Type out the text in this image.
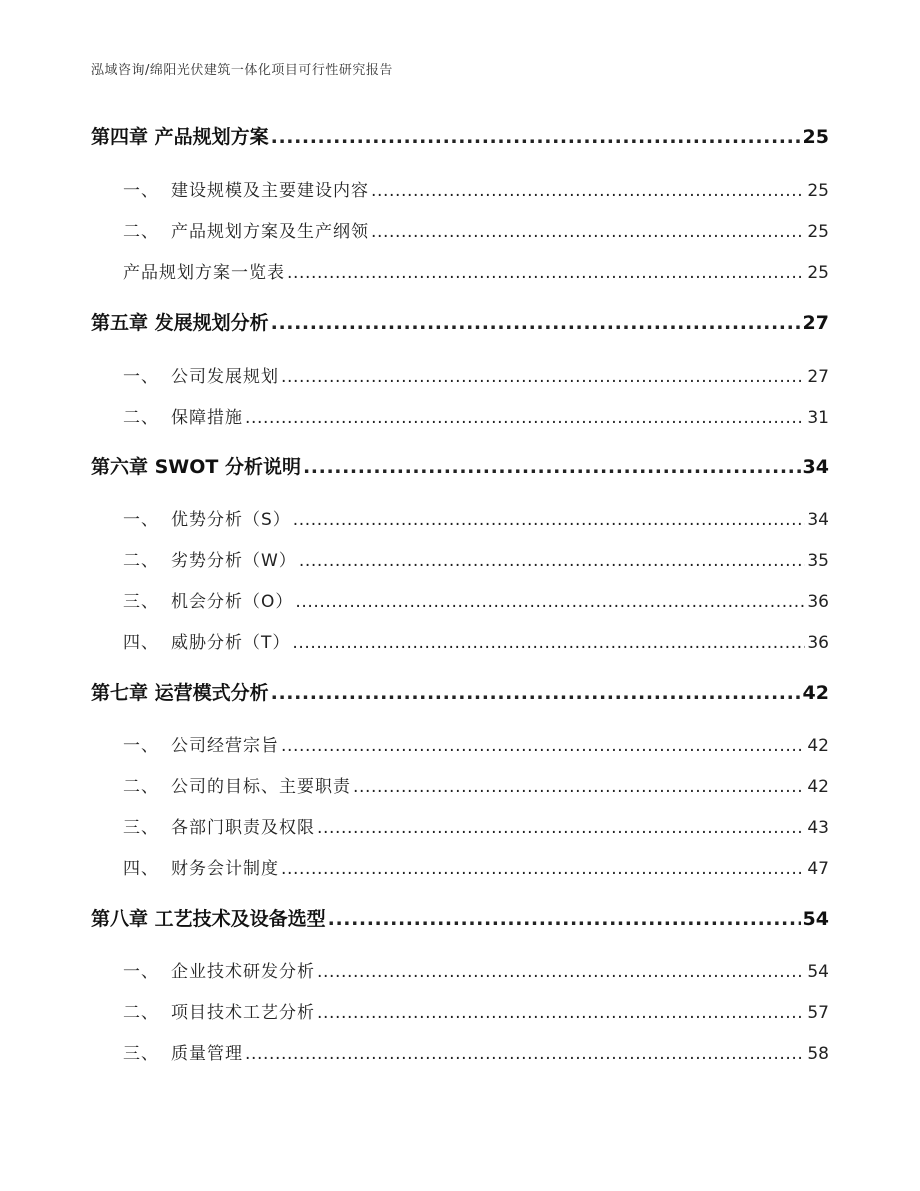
泓域咨询/绵阳光伏建筑一体化项目可行性研究报告
第四章 产品规划方案 .....	25
一、 建设规模及主要建设内容 .....	25
二、 产品规划方案及生产纲领 .....	25
产品规划方案一览表 .....	25
第五章 发展规划分析 .....	27
一、 公司发展规划 .....	27
二、 保障措施 .....	31
第六章 SWOT 分析说明 .....	34
一、 优势分析（S） .....	34
二、 劣势分析（W） .....	35
三、 机会分析（O） .....	36
四、 威胁分析（T） .....	36
第七章 运营模式分析 .....	42
一、 公司经营宗旨 .....	42
二、 公司的目标、主要职责 .....	42
三、 各部门职责及权限 .....	43
四、 财务会计制度 .....	47
第八章 工艺技术及设备选型 .....	54
一、 企业技术研发分析 .....	54
二、 项目技术工艺分析 .....	57
三、 质量管理 .....	58
